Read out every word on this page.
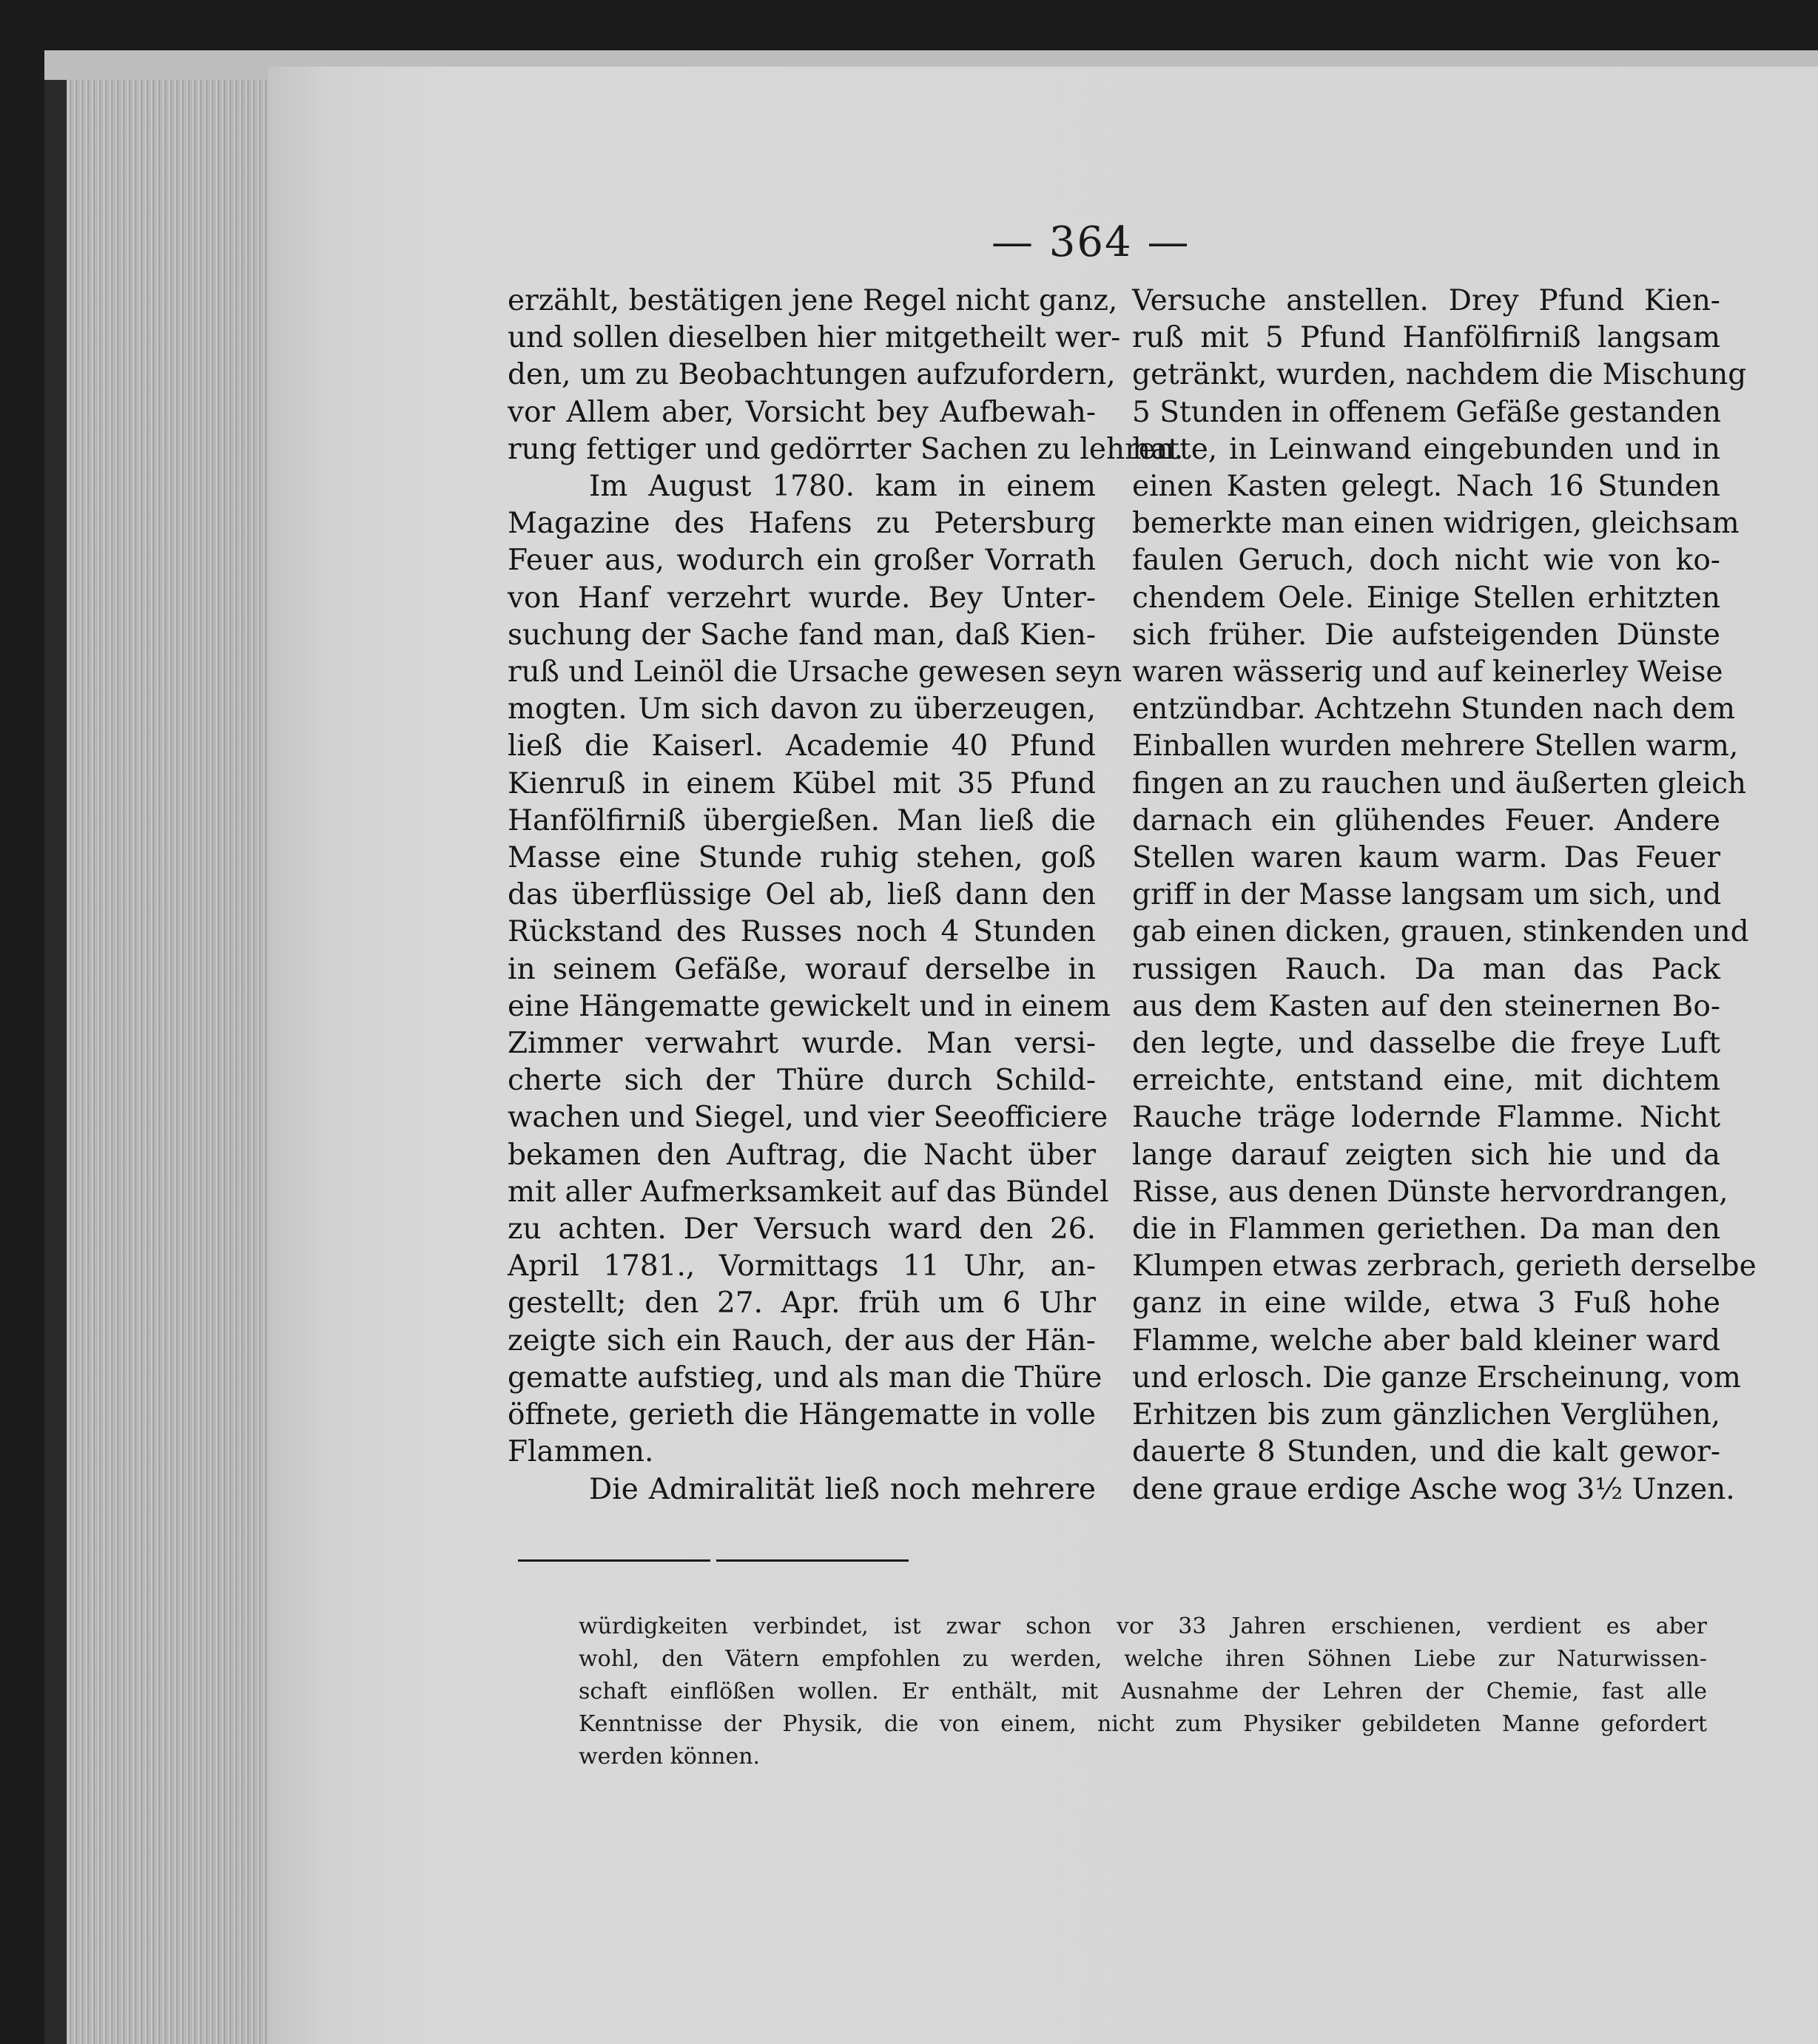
— 364 —
erzählt, bestätigen jene Regel nicht ganz,
und sollen dieselben hier mitgetheilt wer-
den, um zu Beobachtungen aufzufordern,
vor Allem aber, Vorsicht bey Aufbewah-
rung fettiger und gedörrter Sachen zu lehren.
Im August 1780. kam in einem
Magazine des Hafens zu Petersburg
Feuer aus, wodurch ein großer Vorrath
von Hanf verzehrt wurde. Bey Unter-
suchung der Sache fand man, daß Kien-
ruß und Leinöl die Ursache gewesen seyn
mogten. Um sich davon zu überzeugen,
ließ die Kaiserl. Academie 40 Pfund
Kienruß in einem Kübel mit 35 Pfund
Hanfölfirniß übergießen. Man ließ die
Masse eine Stunde ruhig stehen, goß
das überflüssige Oel ab, ließ dann den
Rückstand des Russes noch 4 Stunden
in seinem Gefäße, worauf derselbe in
eine Hängematte gewickelt und in einem
Zimmer verwahrt wurde. Man versi-
cherte sich der Thüre durch Schild-
wachen und Siegel, und vier Seeofficiere
bekamen den Auftrag, die Nacht über
mit aller Aufmerksamkeit auf das Bündel
zu achten. Der Versuch ward den 26.
April 1781., Vormittags 11 Uhr, an-
gestellt; den 27. Apr. früh um 6 Uhr
zeigte sich ein Rauch, der aus der Hän-
gematte aufstieg, und als man die Thüre
öffnete, gerieth die Hängematte in volle
Flammen.
Die Admiralität ließ noch mehrere
Versuche anstellen. Drey Pfund Kien-
ruß mit 5 Pfund Hanfölfirniß langsam
getränkt, wurden, nachdem die Mischung
5 Stunden in offenem Gefäße gestanden
hatte, in Leinwand eingebunden und in
einen Kasten gelegt. Nach 16 Stunden
bemerkte man einen widrigen, gleichsam
faulen Geruch, doch nicht wie von ko-
chendem Oele. Einige Stellen erhitzten
sich früher. Die aufsteigenden Dünste
waren wässerig und auf keinerley Weise
entzündbar. Achtzehn Stunden nach dem
Einballen wurden mehrere Stellen warm,
fingen an zu rauchen und äußerten gleich
darnach ein glühendes Feuer. Andere
Stellen waren kaum warm. Das Feuer
griff in der Masse langsam um sich, und
gab einen dicken, grauen, stinkenden und
russigen Rauch. Da man das Pack
aus dem Kasten auf den steinernen Bo-
den legte, und dasselbe die freye Luft
erreichte, entstand eine, mit dichtem
Rauche träge lodernde Flamme. Nicht
lange darauf zeigten sich hie und da
Risse, aus denen Dünste hervordrangen,
die in Flammen geriethen. Da man den
Klumpen etwas zerbrach, gerieth derselbe
ganz in eine wilde, etwa 3 Fuß hohe
Flamme, welche aber bald kleiner ward
und erlosch. Die ganze Erscheinung, vom
Erhitzen bis zum gänzlichen Verglühen,
dauerte 8 Stunden, und die kalt gewor-
dene graue erdige Asche wog 3½ Unzen.
würdigkeiten verbindet, ist zwar schon vor 33 Jahren erschienen, verdient es aber
wohl, den Vätern empfohlen zu werden, welche ihren Söhnen Liebe zur Naturwissen-
schaft einflößen wollen. Er enthält, mit Ausnahme der Lehren der Chemie, fast alle
Kenntnisse der Physik, die von einem, nicht zum Physiker gebildeten Manne gefordert
werden können.
